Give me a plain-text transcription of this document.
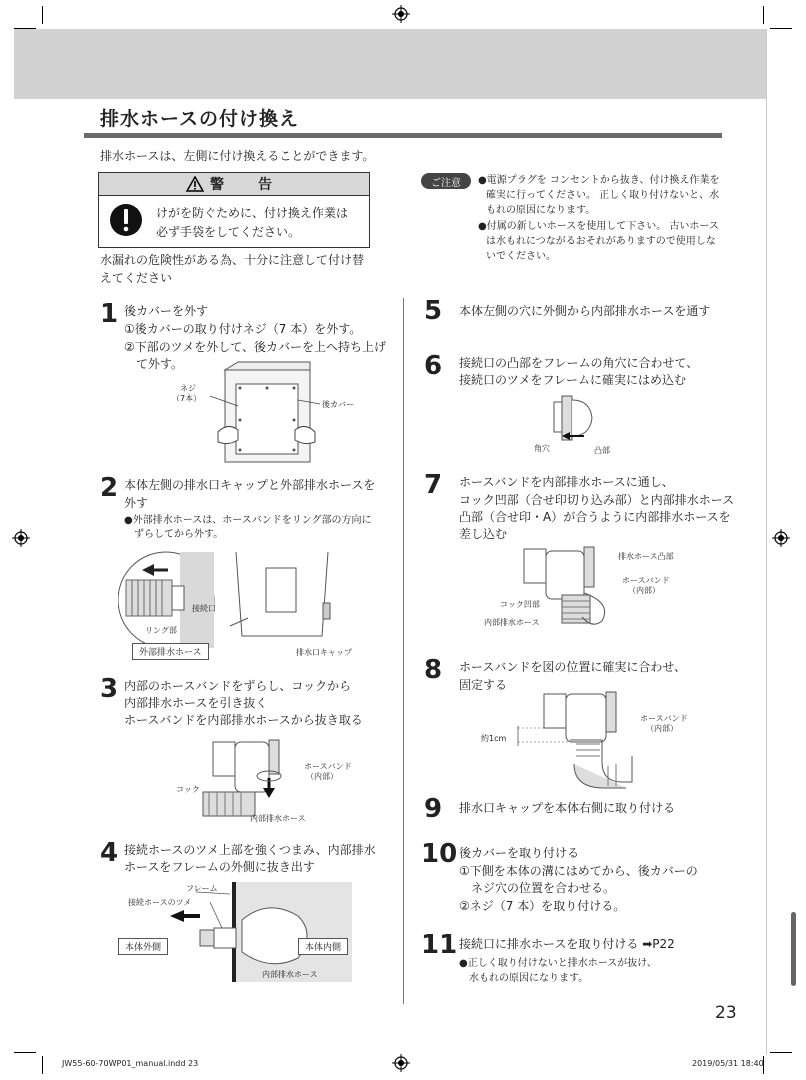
排水ホースの付け換え
排水ホースは、左側に付け換えることができます。
警　告
けがを防ぐために、付け換え作業は
必ず手袋をしてください。
水漏れの危険性がある為、十分に注意して付け替
えてください
ご注意	●電源プラグを コンセントから抜き、付け換え作業を
確実に行ってください。 正しく取り付けないと、水
もれの原因になります。
●付属の新しいホースを使用して下さい。 古いホース
は水もれにつながるおそれがありますので使用しな
いでください。
1 後カバーを外す
①後カバーの取り付けネジ（7 本）を外す。
②下部のツメを外して、後カバーを上へ持ち上げ
て外す。
ネジ
（7本）
後カバー
2 本体左側の排水口キャップと外部排水ホースを
外す
●外部排水ホースは、ホースバンドをリング部の方向に
ずらしてから外す。
接続口
リング部
外部排水ホース	排水口キャップ
3 内部のホースバンドをずらし、コックから
内部排水ホースを引き抜く
ホースバンドを内部排水ホースから抜き取る
ホースバンド
（内部）
コック
内部排水ホース
4 接続ホースのツメ上部を強くつまみ、内部排水
ホースをフレームの外側に抜き出す
フレーム
接続ホースのツメ
本体外側	本体内側
内部排水ホース
5 本体左側の穴に外側から内部排水ホースを通す
6 接続口の凸部をフレームの角穴に合わせて、
接続口のツメをフレームに確実にはめ込む
角穴	凸部
7 ホースバンドを内部排水ホースに通し、
コック凹部（合せ印切り込み部）と内部排水ホース
凸部（合せ印・A）が合うように内部排水ホースを
差し込む
排水ホース凸部
ホースバンド
（内部）
コック凹部
内部排水ホース
8 ホースバンドを図の位置に確実に合わせ、
固定する
約1cm
ホースバンド
（内部）
9 排水口キャップを本体右側に取り付ける
10 後カバーを取り付ける
①下側を本体の溝にはめてから、後カバーの
ネジ穴の位置を合わせる。
②ネジ（7 本）を取り付ける。
11 接続口に排水ホースを取り付ける ➡P22
●正しく取り付けないと排水ホースが抜け、
水もれの原因になります。
23
JW55-60-70WP01_manual.indd 23	2019/05/31 18:40
